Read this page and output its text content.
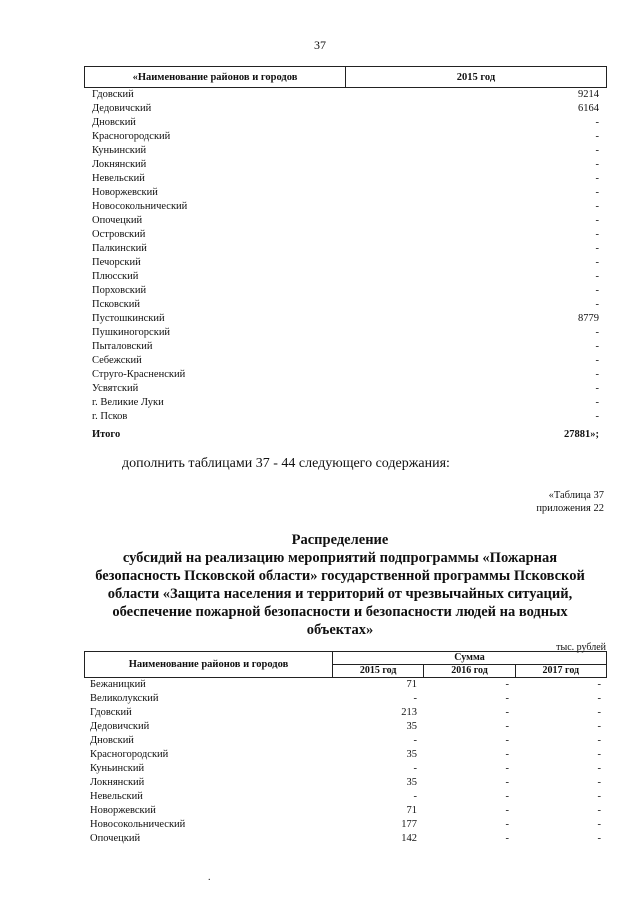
37
«Наименование районов и городов	2015 год
Гдовский	9214
Дедовичский	6164
Дновский	-
Красногородский	-
Куньинский	-
Локнянский	-
Невельский	-
Новоржевский	-
Новосокольнический	-
Опочецкий	-
Островский	-
Палкинский	-
Печорский	-
Плюсский	-
Порховский	-
Псковский	-
Пустошкинский	8779
Пушкиногорский	-
Пыталовский	-
Себежский	-
Струго-Красненский	-
Усвятский	-
г. Великие Луки	-
г. Псков	-
Итого	27881»;
дополнить таблицами 37 - 44 следующего содержания:
«Таблица 37
приложения 22
Распределение
субсидий на реализацию мероприятий подпрограммы «Пожарная
безопасность Псковской области» государственной программы Псковской
области «Защита населения и территорий от чрезвычайных ситуаций,
обеспечение пожарной безопасности и безопасности людей на водных
объектах»
тыс. рублей
Наименование районов и городов
Сумма
2015 год	2016 год	2017 год
Бежаницкий	71	-	-
Великолукский	-	-	-
Гдовский	213	-	-
Дедовичский	35	-	-
Дновский	-	-	-
Красногородский	35	-	-
Куньинский	-	-	-
Локнянский	35	-	-
Невельский	-	-	-
Новоржевский	71	-	-
Новосокольнический	177	-	-
Опочецкий	142	-	-
.
